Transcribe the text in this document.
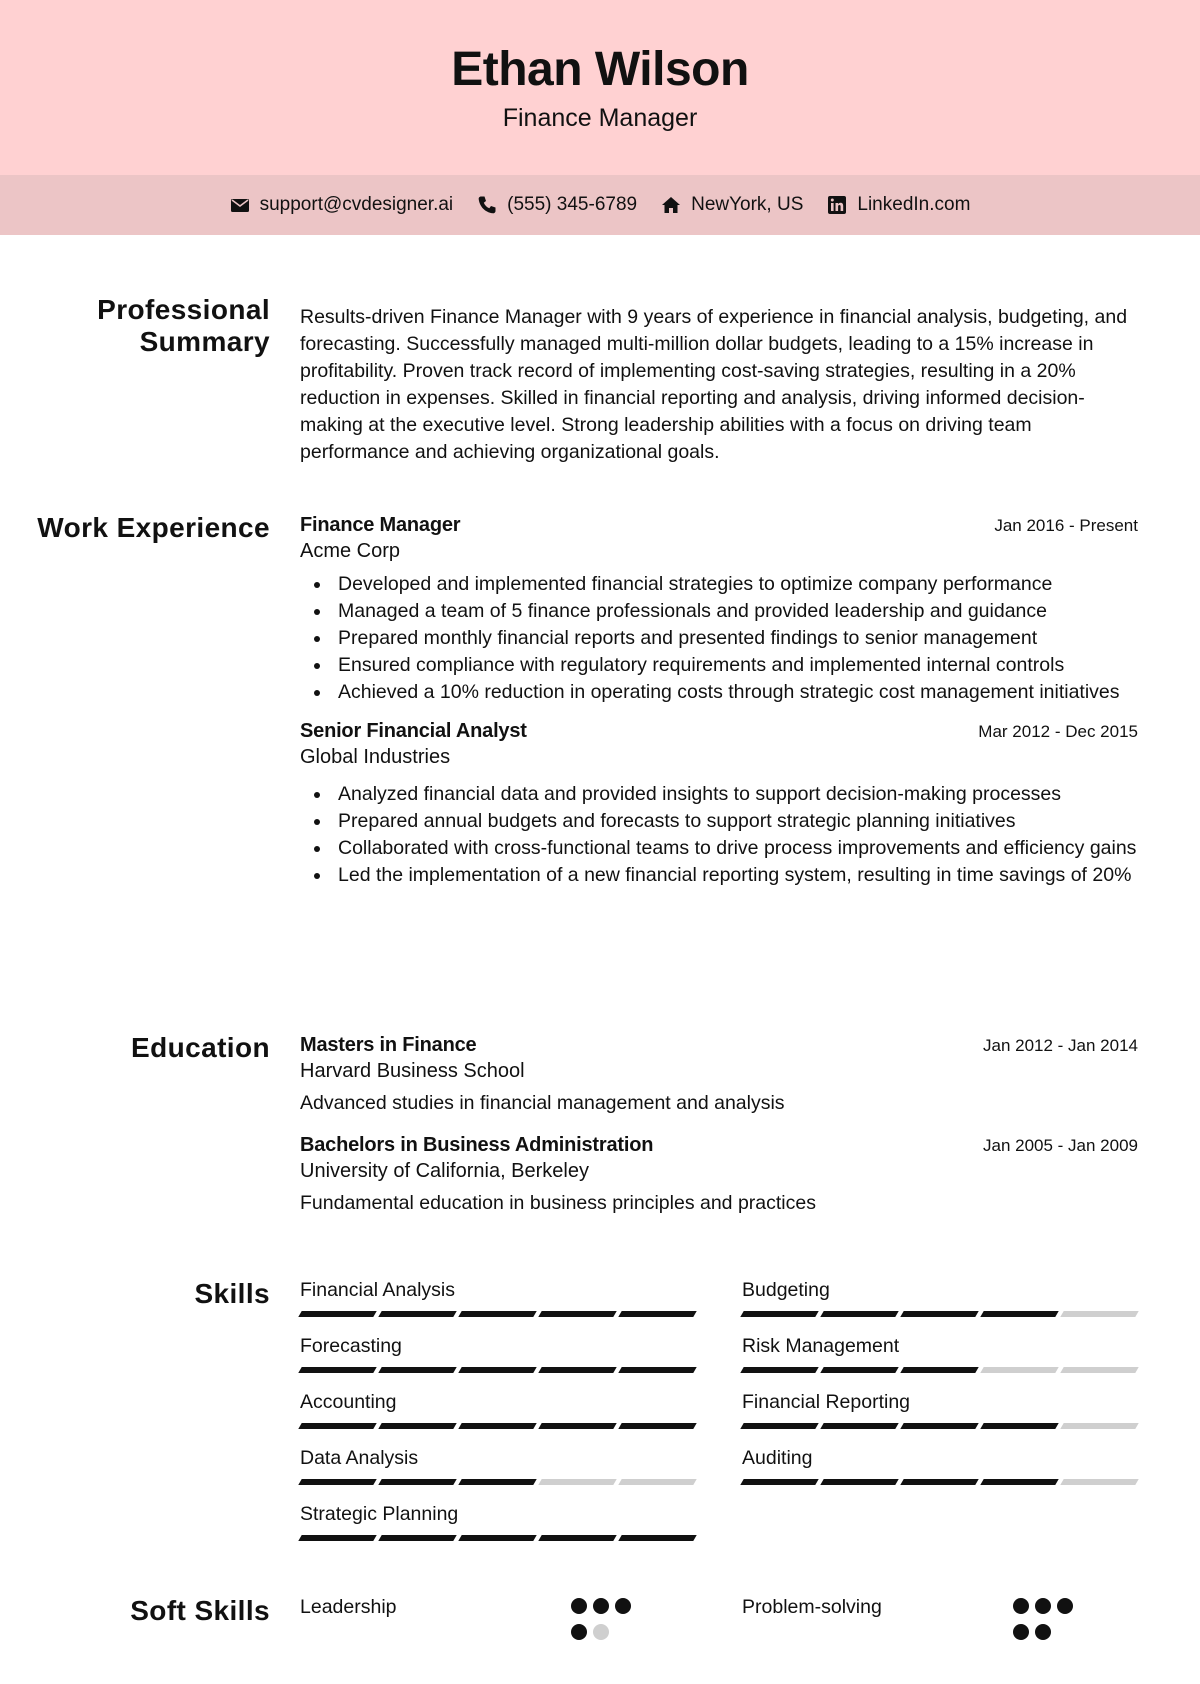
Ethan Wilson
Finance Manager
support@cvdesigner.ai	(555) 345-6789	NewYork, US	LinkedIn.com
Professional Summary

Results-driven Finance Manager with 9 years of experience in financial analysis, budgeting, and forecasting. Successfully managed multi-million dollar budgets, leading to a 15% increase in profitability. Proven track record of implementing cost-saving strategies, resulting in a 20% reduction in expenses. Skilled in financial reporting and analysis, driving informed decision-making at the executive level. Strong leadership abilities with a focus on driving team performance and achieving organizational goals.

Work Experience Finance Manager	Jan 2016 - Present
Acme Corp
Developed and implemented financial strategies to optimize company performance
Managed a team of 5 finance professionals and provided leadership and guidance
Prepared monthly financial reports and presented findings to senior management
Ensured compliance with regulatory requirements and implemented internal controls
Achieved a 10% reduction in operating costs through strategic cost management initiatives
Senior Financial Analyst	Mar 2012 - Dec 2015
Global Industries
Analyzed financial data and provided insights to support decision-making processes
Prepared annual budgets and forecasts to support strategic planning initiatives
Collaborated with cross-functional teams to drive process improvements and efficiency gains
Led the implementation of a new financial reporting system, resulting in time savings of 20%
Education Masters in Finance	Jan 2012 - Jan 2014
Harvard Business School
Advanced studies in financial management and analysis
Bachelors in Business Administration	Jan 2005 - Jan 2009
University of California, Berkeley
Fundamental education in business principles and practices
Skills Financial Analysis	Budgeting
Forecasting	Risk Management
Accounting	Financial Reporting
Data Analysis	Auditing
Strategic Planning
Soft Skills Leadership	Problem-solving
